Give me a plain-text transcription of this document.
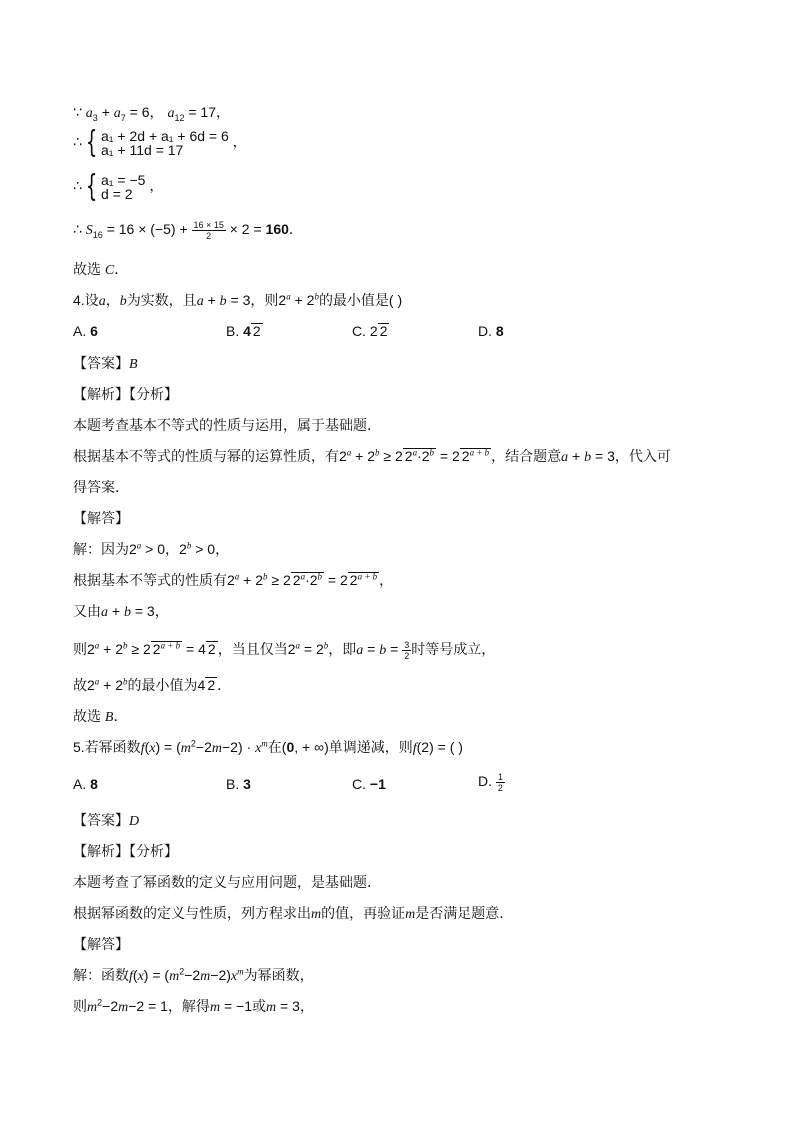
∵ $a_3 + a_7 = 6$， $a_{12} = 17$，
∴ { a₁ + 2d + a₁ + 6d = 6
a₁ + 11d = 17 ，
∴ { a₁ = −5
d = 2 ，
∴ $S_{16} = 16 \times (-5) + \frac{16 \times 15}{2} \times 2 = 160$．
故选 C．
4.设a，b为实数，且a + b = 3，则$2^a + 2^b$的最小值是( )
A. 6	B. 4 2	C. 2 2	D. 8
【答案】B
【解析】【分析】
本题考查基本不等式的性质与运用，属于基础题．
根据基本不等式的性质与幂的运算性质，有$2^a + 2^b \ge 2$ $2^a\cdot 2^b = 2$ $2^{a + b}$ ，结合题意a + b = 3，代入可
得答案．
【解答】
解：因为$2^a > 0$，$2^b > 0$，
根据基本不等式的性质有$2^a + 2^b \ge 2$ $2^a\cdot 2^b = 2$ $2^{a + b}$ ，
又由a + b = 3，
则$2^a + 2^b \ge 2$ $2^{a + b} = 4$ 2 ，当且仅当$2^a = 2^b$，即$a = b = \frac{3}{2}$ 时等号成立，
故$2^a + 2^b$的最小值为4 2 ．
故选 B．
5.若幂函数$f(x) = (m^2-2m-2) \cdot x^m$在(0, + ∞)单调递减，则f(2) = ( )
A. 8	B. 3	C. −1	D. $\frac{1}{2}$
【答案】D
【解析】【分析】
本题考查了幂函数的定义与应用问题，是基础题．
根据幂函数的定义与性质，列方程求出m的值，再验证m是否满足题意．
【解答】
解：函数$f(x) = (m^2-2m-2)x^m$为幂函数，
则$m^2-2m-2 = 1$，解得m = −1或m = 3，
